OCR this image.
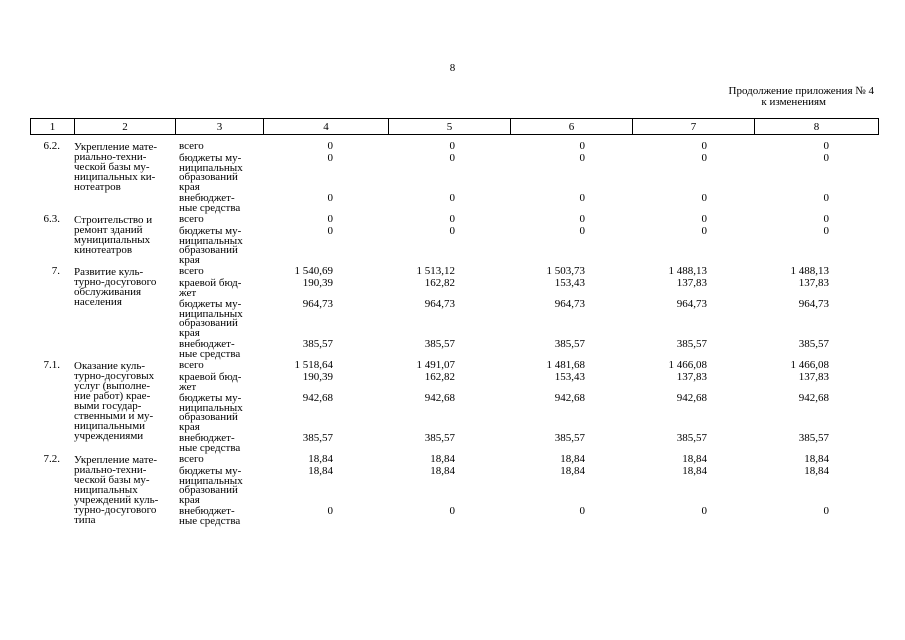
8
Продолжение приложения № 4
к изменениям
1	2	3	4	5	6	7	8
6.2.	Укрепление мате-
риально-техни-
ческой базы му-
ниципальных ки-
нотеатров
всего	0	0	0	0	0
бюджеты му-
ниципальных
образований
края
0	0	0	0	0
внебюджет-
ные средства
0	0	0	0	0
6.3.	Строительство и
ремонт зданий
муниципальных
кинотеатров
всего	0	0	0	0	0
бюджеты му-
ниципальных
образований
края
0	0	0	0	0
7.	Развитие куль-
турно-досугового
обслуживания
населения
всего	1 540,69	1 513,12	1 503,73	1 488,13	1 488,13
краевой бюд-
жет
190,39	162,82	153,43	137,83	137,83
бюджеты му-
ниципальных
образований
края
964,73	964,73	964,73	964,73	964,73
внебюджет-
ные средства
385,57	385,57	385,57	385,57	385,57
7.1.	Оказание куль-
турно-досуговых
услуг (выполне-
ние работ) крае-
выми государ-
ственными и му-
ниципальными
учреждениями
всего	1 518,64	1 491,07	1 481,68	1 466,08	1 466,08
краевой бюд-
жет
190,39	162,82	153,43	137,83	137,83
бюджеты му-
ниципальных
образований
края
942,68	942,68	942,68	942,68	942,68
внебюджет-
ные средства
385,57	385,57	385,57	385,57	385,57
7.2.	Укрепление мате-
риально-техни-
ческой базы му-
ниципальных
учреждений куль-
турно-досугового
типа
всего	18,84	18,84	18,84	18,84	18,84
бюджеты му-
ниципальных
образований
края
18,84	18,84	18,84	18,84	18,84
внебюджет-
ные средства
0	0	0	0	0
